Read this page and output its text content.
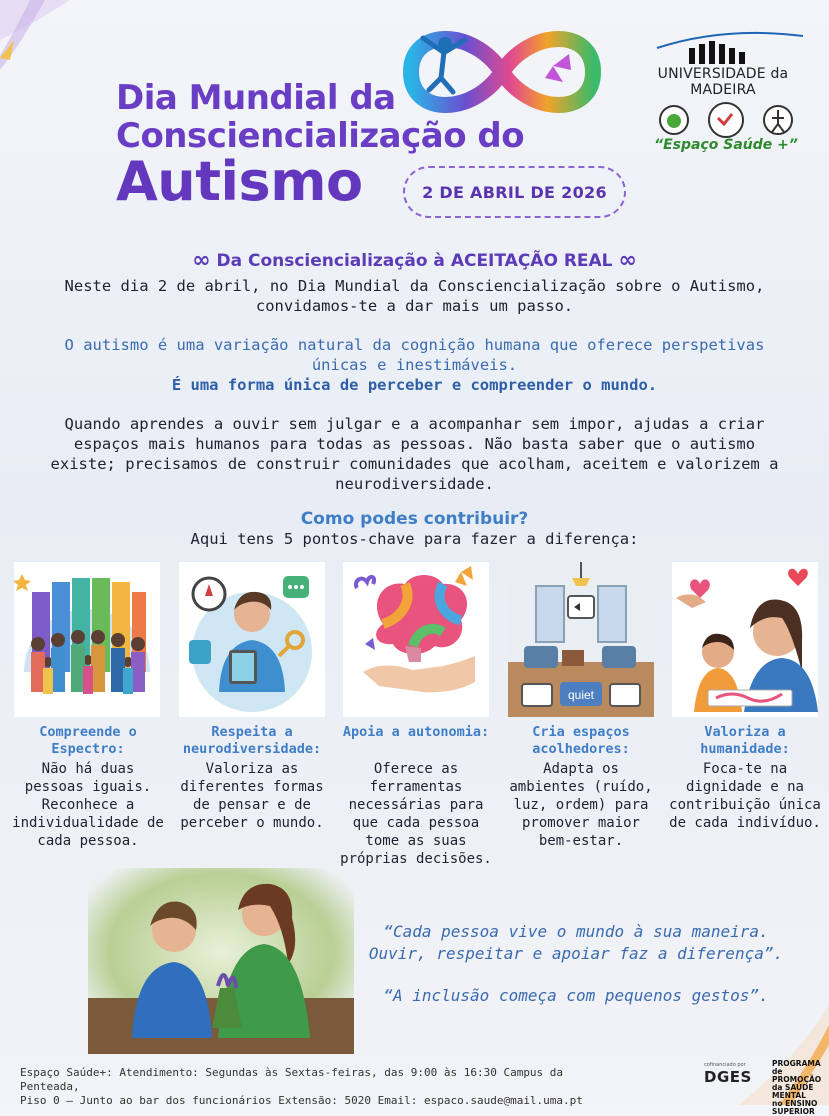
Dia Mundial da
Consciencialização do
Autismo	2 DE ABRIL DE 2026
UNIVERSIDADE da MADEIRA
“Espaço Saúde +”
∞ Da Consciencialização à ACEITAÇÃO REAL ∞
Neste dia 2 de abril, no Dia Mundial da Consciencialização sobre o Autismo, convidamos-te a dar mais um passo.
O autismo é uma variação natural da cognição humana que oferece perspetivas únicas e inestimáveis.
É uma forma única de perceber e compreender o mundo.
Quando aprendes a ouvir sem julgar e a acompanhar sem impor, ajudas a criar espaços mais humanos para todas as pessoas. Não basta saber que o autismo existe; precisamos de construir comunidades que acolham, aceitem e valorizem a neurodiversidade.
Como podes contribuir?
Aqui tens 5 pontos-chave para fazer a diferença:
quiet
Compreende o Espectro:
Não há duas pessoas iguais. Reconhece a individualidade de cada pessoa.
Respeita a neurodiversidade:
Valoriza as diferentes formas de pensar e de perceber o mundo.
Apoia a autonomia:
Oferece as ferramentas necessárias para que cada pessoa tome as suas próprias decisões.
Cria espaços acolhedores:
Adapta os ambientes (ruído, luz, ordem) para promover maior bem-estar.
Valoriza a humanidade:
Foca-te na dignidade e na contribuição única de cada indivíduo.
“Cada pessoa vive o mundo à sua maneira. Ouvir, respeitar e apoiar faz a diferença”.
“A inclusão começa com pequenos gestos”.
Espaço Saúde+: Atendimento: Segundas às Sextas-feiras, das 9:00 às 16:30 Campus da Penteada,
Piso 0 – Junto ao bar dos funcionários Extensão: 5020 Email: espaco.saude@mail.uma.pt
cofinanciado por
DGES
PROGRAMA
de PROMOÇÃO
da SAÚDE MENTAL
no ENSINO SUPERIOR
